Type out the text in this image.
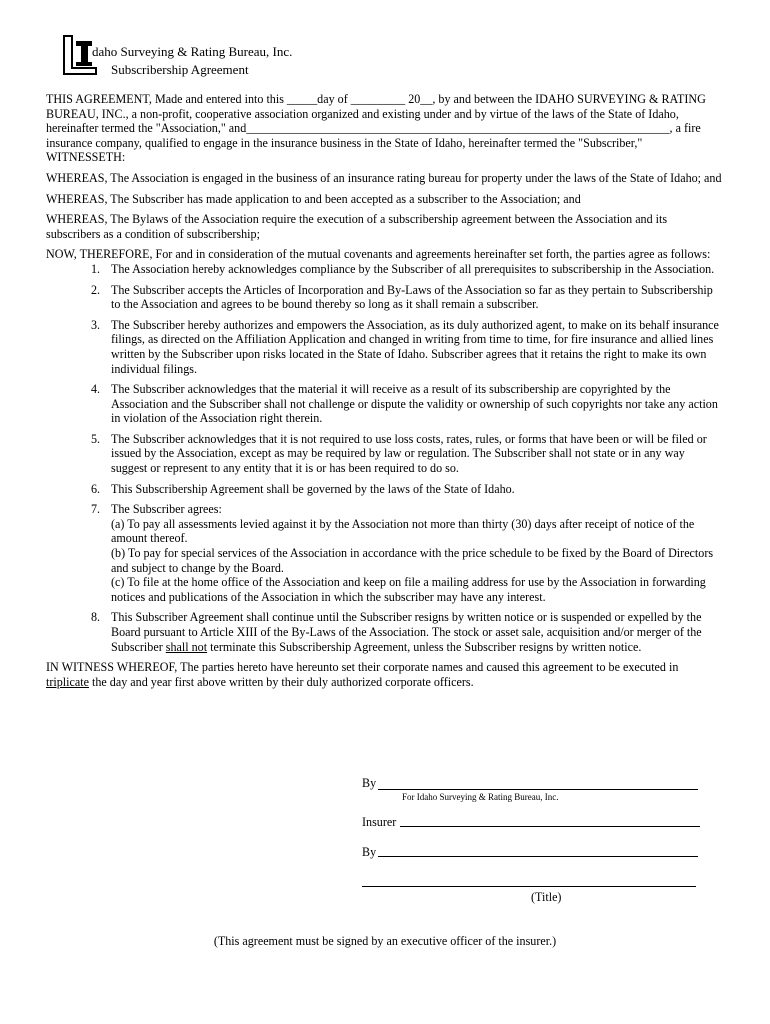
daho Surveying & Rating Bureau, Inc.
Subscribership Agreement

THIS AGREEMENT, Made and entered into this _____day of _________ 20__, by and between the IDAHO SURVEYING & RATING BUREAU, INC., a non-profit, cooperative association organized and existing under and by virtue of the laws of the State of Idaho, hereinafter termed the "Association," and______________________________________________________________________, a fire insurance company, qualified to engage in the insurance business in the State of Idaho, hereinafter termed the "Subscriber,"

WITNESSETH:

WHEREAS, The Association is engaged in the business of an insurance rating bureau for property under the laws of the State of Idaho; and

WHEREAS, The Subscriber has made application to and been accepted as a subscriber to the Association; and

WHEREAS, The Bylaws of the Association require the execution of a subscribership agreement between the Association and its subscribers as a condition of subscribership;

NOW, THEREFORE, For and in consideration of the mutual covenants and agreements hereinafter set forth, the parties agree as follows:

1. The Association hereby acknowledges compliance by the Subscriber of all prerequisites to subscribership in the Association.
2. The Subscriber accepts the Articles of Incorporation and By-Laws of the Association so far as they pertain to Subscribership to the Association and agrees to be bound thereby so long as it shall remain a subscriber.
3. The Subscriber hereby authorizes and empowers the Association, as its duly authorized agent, to make on its behalf insurance filings, as directed on the Affiliation Application and changed in writing from time to time, for fire insurance and allied lines written by the Subscriber upon risks located in the State of Idaho. Subscriber agrees that it retains the right to make its own individual filings.
4. The Subscriber acknowledges that the material it will receive as a result of its subscribership are copyrighted by the Association and the Subscriber shall not challenge or dispute the validity or ownership of such copyrights nor take any action in violation of the Association right therein.
5. The Subscriber acknowledges that it is not required to use loss costs, rates, rules, or forms that have been or will be filed or issued by the Association, except as may be required by law or regulation. The Subscriber shall not state or in any way suggest or represent to any entity that it is or has been required to do so.
6. This Subscribership Agreement shall be governed by the laws of the State of Idaho.
7. The Subscriber agrees:
(a) To pay all assessments levied against it by the Association not more than thirty (30) days after receipt of notice of the amount thereof.
(b) To pay for special services of the Association in accordance with the price schedule to be fixed by the Board of Directors and subject to change by the Board.
(c) To file at the home office of the Association and keep on file a mailing address for use by the Association in forwarding notices and publications of the Association in which the subscriber may have any interest.
8. This Subscriber Agreement shall continue until the Subscriber resigns by written notice or is suspended or expelled by the Board pursuant to Article XIII of the By-Laws of the Association. The stock or asset sale, acquisition and/or merger of the Subscriber shall not terminate this Subscribership Agreement, unless the Subscriber resigns by written notice.

IN WITNESS WHEREOF, The parties hereto have hereunto set their corporate names and caused this agreement to be executed in triplicate the day and year first above written by their duly authorized corporate officers.

By
For Idaho Surveying & Rating Bureau, Inc.
Insurer
By
(Title)
(This agreement must be signed by an executive officer of the insurer.)
